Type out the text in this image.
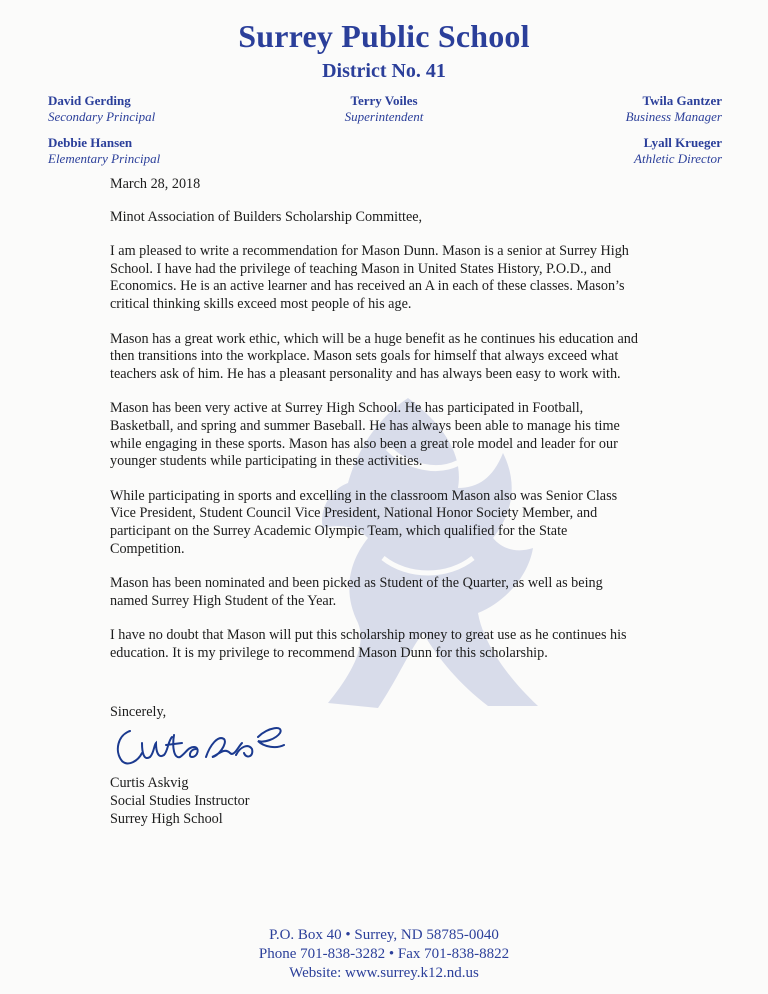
Surrey Public School
District No. 41
David Gerding
Secondary Principal
Terry Voiles
Superintendent
Twila Gantzer
Business Manager
Debbie Hansen
Elementary Principal
Lyall Krueger
Athletic Director

March 28, 2018

Minot Association of Builders Scholarship Committee,

I am pleased to write a recommendation for Mason Dunn. Mason is a senior at Surrey High School. I have had the privilege of teaching Mason in United States History, P.O.D., and Economics. He is an active learner and has received an A in each of these classes. Mason’s critical thinking skills exceed most people of his age.

Mason has a great work ethic, which will be a huge benefit as he continues his education and then transitions into the workplace. Mason sets goals for himself that always exceed what teachers ask of him. He has a pleasant personality and has always been easy to work with.

Mason has been very active at Surrey High School. He has participated in Football, Basketball, and spring and summer Baseball. He has always been able to manage his time while engaging in these sports. Mason has also been a great role model and leader for our younger students while participating in these activities.

While participating in sports and excelling in the classroom Mason also was Senior Class Vice President, Student Council Vice President, National Honor Society Member, and participant on the Surrey Academic Olympic Team, which qualified for the State Competition.

Mason has been nominated and been picked as Student of the Quarter, as well as being named Surrey High Student of the Year.

I have no doubt that Mason will put this scholarship money to great use as he continues his education. It is my privilege to recommend Mason Dunn for this scholarship.

Sincerely,
Curtis Askvig
Social Studies Instructor
Surrey High School
P.O. Box 40 • Surrey, ND 58785-0040
Phone 701-838-3282 • Fax 701-838-8822
Website: www.surrey.k12.nd.us
